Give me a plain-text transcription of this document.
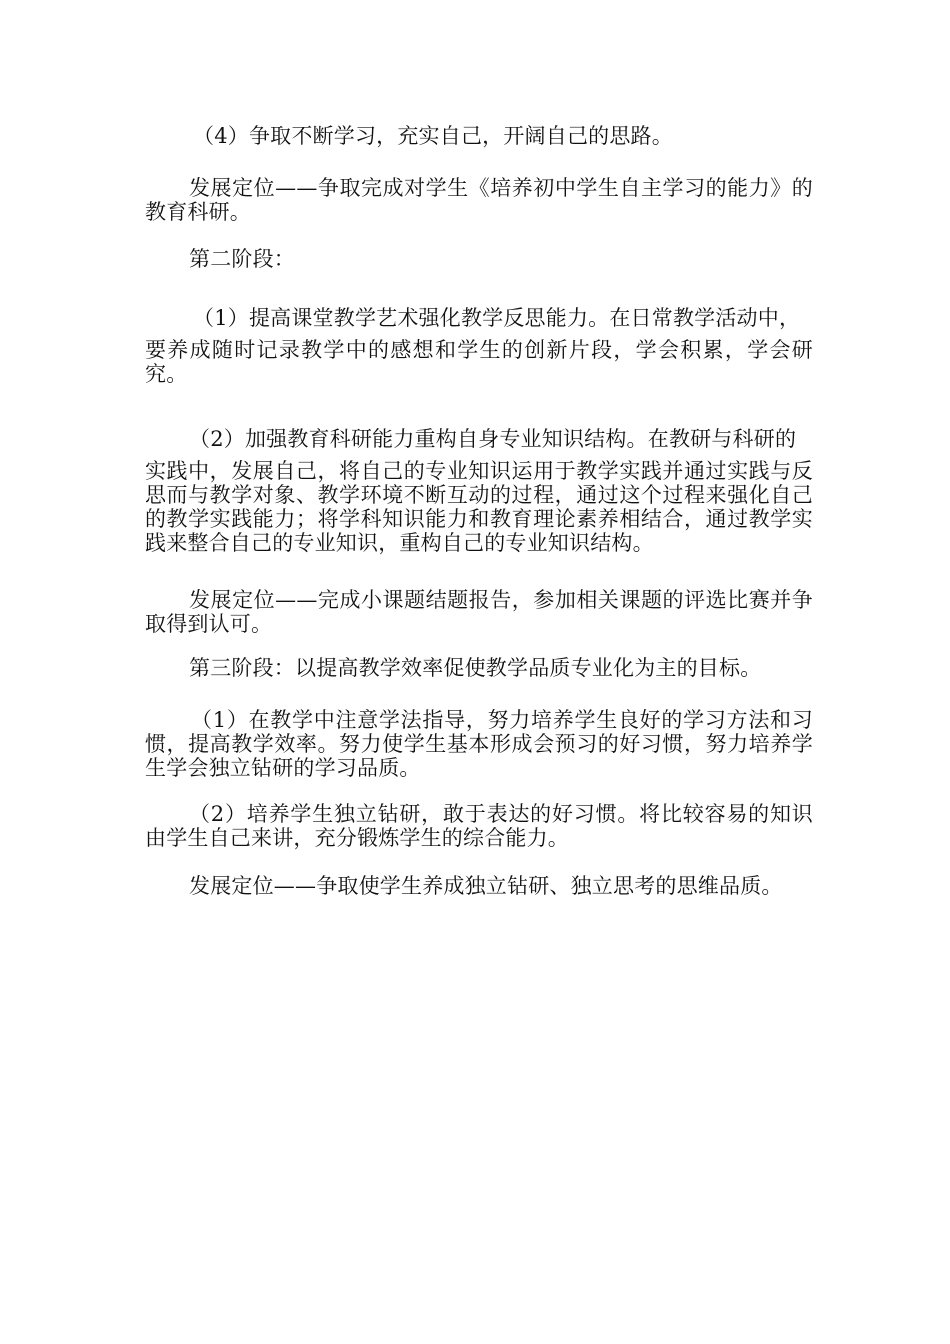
（4）争取不断学习，充实自己，开阔自己的思路。

发展定位——争取完成对学生《培养初中学生自主学习的能力》的教育科研。

第二阶段：

（1）提高课堂教学艺术强化教学反思能力。在日常教学活动中，
要养成随时记录教学中的感想和学生的创新片段，学会积累，学会研究。

（2）加强教育科研能力重构自身专业知识结构。在教研与科研的
实践中，发展自己，将自己的专业知识运用于教学实践并通过实践与反思而与教学对象、教学环境不断互动的过程，通过这个过程来强化自己的教学实践能力；将学科知识能力和教育理论素养相结合，通过教学实践来整合自己的专业知识，重构自己的专业知识结构。

发展定位——完成小课题结题报告，参加相关课题的评选比赛并争取得到认可。

第三阶段：以提高教学效率促使教学品质专业化为主的目标。

（1）在教学中注意学法指导，努力培养学生良好的学习方法和习惯，提高教学效率。努力使学生基本形成会预习的好习惯，努力培养学生学会独立钻研的学习品质。

（2）培养学生独立钻研，敢于表达的好习惯。将比较容易的知识由学生自己来讲，充分锻炼学生的综合能力。

发展定位——争取使学生养成独立钻研、独立思考的思维品质。
